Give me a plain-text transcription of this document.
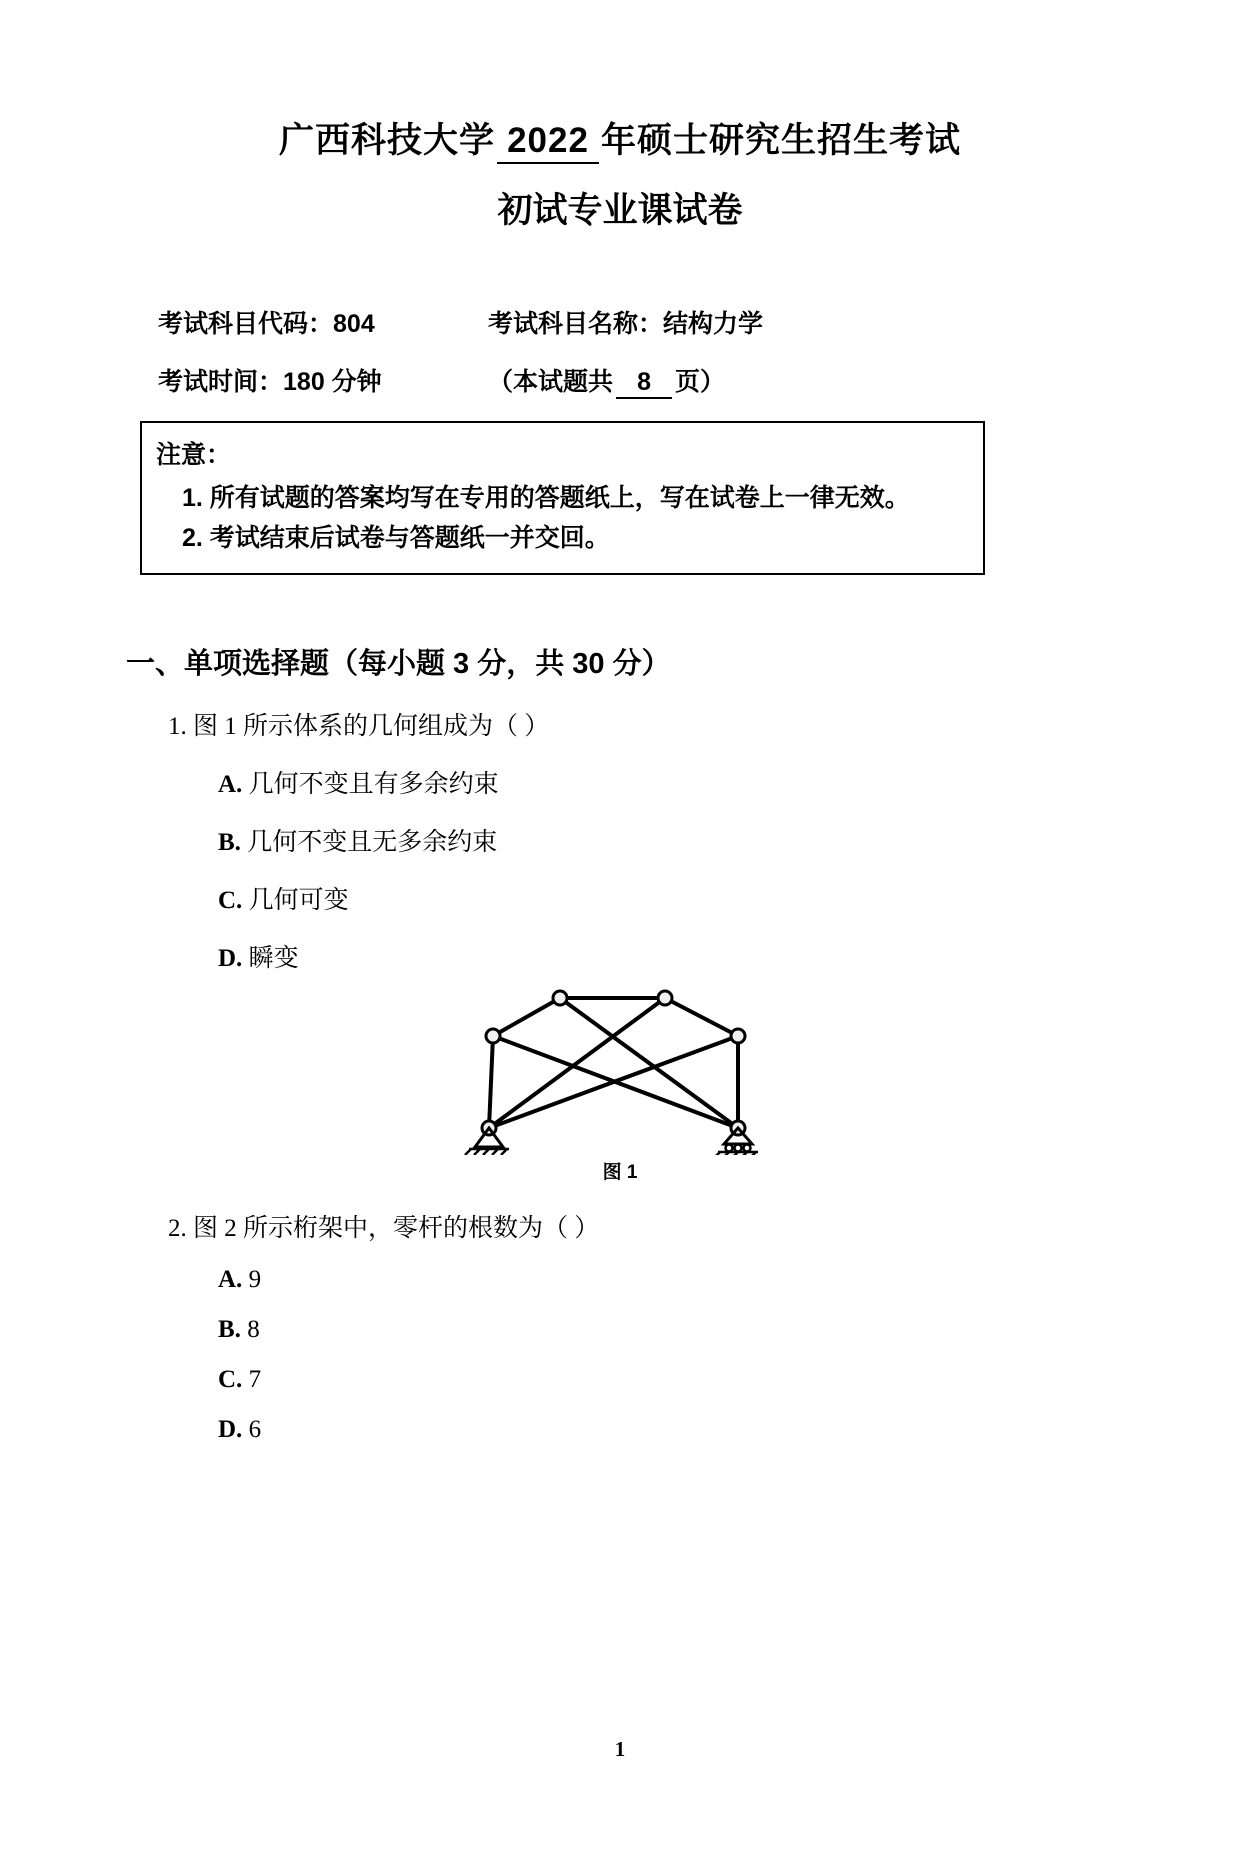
广西科技大学 2022 年硕士研究生招生考试
初试专业课试卷
考试科目代码：804	考试科目名称：结构力学
考试时间：180 分钟	（本试题共 8 页）
注意：
1. 所有试题的答案均写在专用的答题纸上，写在试卷上一律无效。
2. 考试结束后试卷与答题纸一并交回。
一、单项选择题（每小题 3 分，共 30 分）
1. 图 1 所示体系的几何组成为（ ）
A. 几何不变且有多余约束
B. 几何不变且无多余约束
C. 几何可变
D. 瞬变
图 1
2. 图 2 所示桁架中，零杆的根数为（ ）
A. 9
B. 8
C. 7
D. 6
1
